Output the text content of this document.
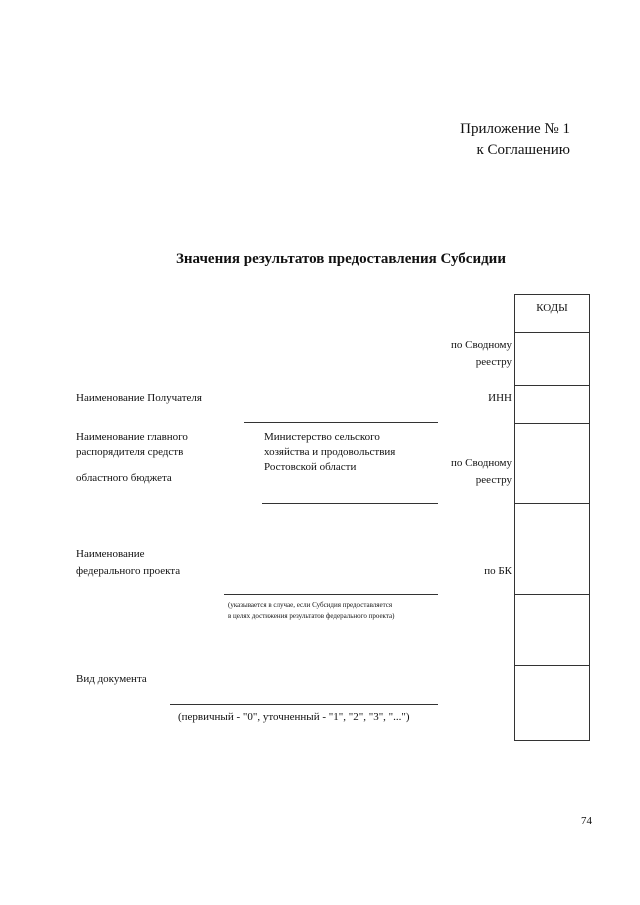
Приложение № 1
к Соглашению
Значения результатов предоставления Субсидии
КОДЫ
по Сводному
реестру
ИНН
по Сводному
реестру
по БК
Наименование Получателя
Наименование главного
распорядителя средств
областного бюджета
Наименование
федерального проекта
Вид документа
Министерство сельского
хозяйства и продовольствия
Ростовской области
(указывается в случае, если Субсидия предоставляется
в целях достижения результатов федерального проекта)
(первичный - "0", уточненный - "1", "2", "3", "...")
74
